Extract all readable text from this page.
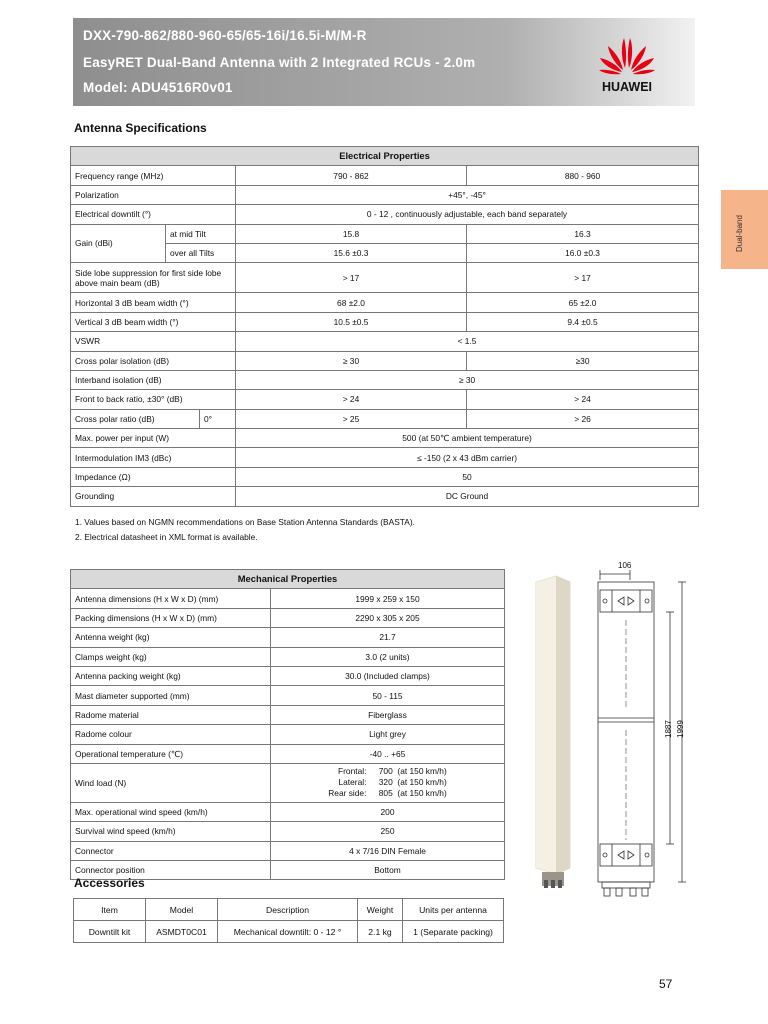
DXX-790-862/880-960-65/65-16i/16.5i-M/M-R
EasyRET Dual-Band Antenna with 2 Integrated RCUs - 2.0m
Model: ADU4516R0v01	HUAWEI
Dual-band
Antenna Specifications
Electrical Properties				
Frequency range (MHz)			790 - 862	880 - 960
Polarization			+45°, -45°	
Electrical downtilt (°)			0 - 12 , continuously adjustable, each band separately	
Gain (dBi)	at mid Tilt		15.8	16.3
	over all Tilts		15.6 ±0.3	16.0 ±0.3
Side lobe suppression for first side lobe above main beam (dB)			> 17	> 17
Horizontal 3 dB beam width (°)			68 ±2.0	65 ±2.0
Vertical 3 dB beam width (°)			10.5 ±0.5	9.4 ±0.5
VSWR			< 1.5	
Cross polar isolation (dB)			≥ 30	≥30
Interband isolation (dB)			≥ 30	
Front to back ratio, ±30° (dB)			> 24	> 24
Cross polar ratio (dB)		0°	> 25	> 26
Max. power per input (W)			500 (at 50℃ ambient temperature)	
Intermodulation IM3 (dBc)			≤ -150 (2 x 43 dBm carrier)	
Impedance (Ω)			50	
Grounding			DC Ground	
1. Values based on NGMN recommendations on Base Station Antenna Standards (BASTA).
2. Electrical datasheet in XML format is available.
Mechanical Properties	
Antenna dimensions (H x W x D) (mm)	1999 x 259 x 150
Packing dimensions (H x W x D) (mm)	2290 x 305 x 205
Antenna weight (kg)	21.7
Clamps weight (kg)	3.0 (2 units)
Antenna packing weight (kg)	30.0 (Included clamps)
Mast diameter supported (mm)	50 - 115
Radome material	Fiberglass
Radome colour	Light grey
Operational temperature (℃)	-40 .. +65
Wind load (N)	Frontal: 700 (at 150 km/h)
Lateral: 320 (at 150 km/h)
Rear side: 805 (at 150 km/h)

Max. operational wind speed (km/h)	200
Survival wind speed (km/h)	250
Connector	4 x 7/16 DIN Female
Connector position	Bottom
106
1887 1999
Accessories
Item	Model	Description	Weight	Units per antenna
Downtilt kit	ASMDT0C01	Mechanical downtilt: 0 - 12 °	2.1 kg	1 (Separate packing)
57
